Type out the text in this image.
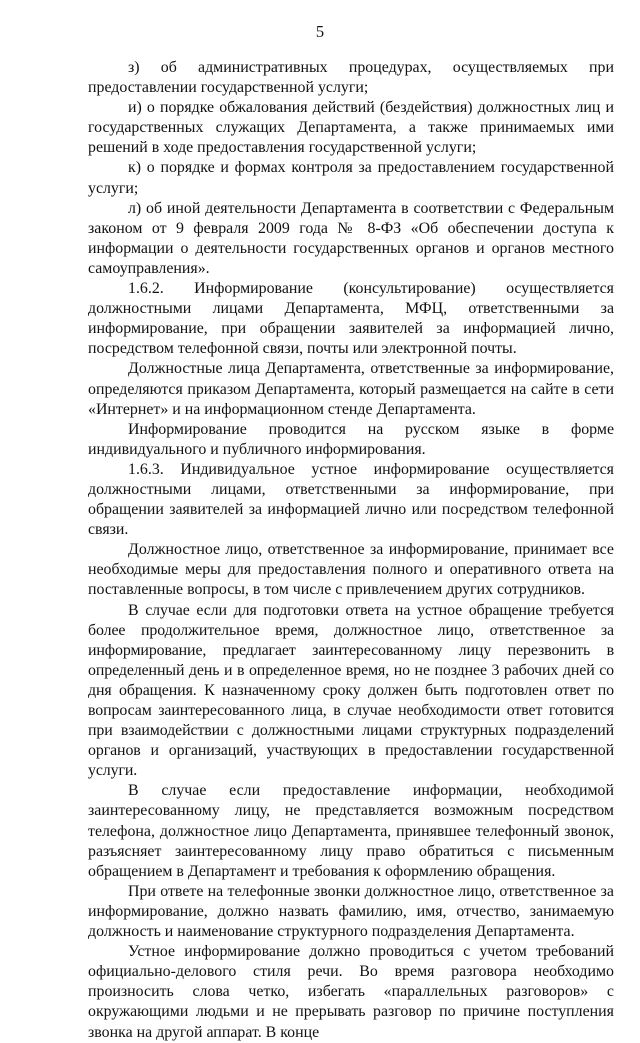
5

з) об административных процедурах, осуществляемых при предоставлении государственной услуги;

и) о порядке обжалования действий (бездействия) должностных лиц и государственных служащих Департамента, а также принимаемых ими решений в ходе предоставления государственной услуги;

к) о порядке и формах контроля за предоставлением государственной услуги;

л) об иной деятельности Департамента в соответствии с Федеральным законом от 9 февраля 2009 года № 8-ФЗ «Об обеспечении доступа к информации о деятельности государственных органов и органов местного самоуправления».

1.6.2. Информирование (консультирование) осуществляется должностными лицами Департамента, МФЦ, ответственными за информирование, при обращении заявителей за информацией лично, посредством телефонной связи, почты или электронной почты.

Должностные лица Департамента, ответственные за информирование, определяются приказом Департамента, который размещается на сайте в сети «Интернет» и на информационном стенде Департамента.

Информирование проводится на русском языке в форме индивидуального и публичного информирования.

1.6.3. Индивидуальное устное информирование осуществляется должностными лицами, ответственными за информирование, при обращении заявителей за информацией лично или посредством телефонной связи.

Должностное лицо, ответственное за информирование, принимает все необходимые меры для предоставления полного и оперативного ответа на поставленные вопросы, в том числе с привлечением других сотрудников.

В случае если для подготовки ответа на устное обращение требуется более продолжительное время, должностное лицо, ответственное за информирование, предлагает заинтересованному лицу перезвонить в определенный день и в определенное время, но не позднее 3 рабочих дней со дня обращения. К назначенному сроку должен быть подготовлен ответ по вопросам заинтересованного лица, в случае необходимости ответ готовится при взаимодействии с должностными лицами структурных подразделений органов и организаций, участвующих в предоставлении государственной услуги.

В случае если предоставление информации, необходимой заинтересованному лицу, не представляется возможным посредством телефона, должностное лицо Департамента, принявшее телефонный звонок, разъясняет заинтересованному лицу право обратиться с письменным обращением в Департамент и требования к оформлению обращения.

При ответе на телефонные звонки должностное лицо, ответственное за информирование, должно назвать фамилию, имя, отчество, занимаемую должность и наименование структурного подразделения Департамента.

Устное информирование должно проводиться с учетом требований официально-делового стиля речи. Во время разговора необходимо произносить слова четко, избегать «параллельных разговоров» с окружающими людьми и не прерывать разговор по причине поступления звонка на другой аппарат. В конце
